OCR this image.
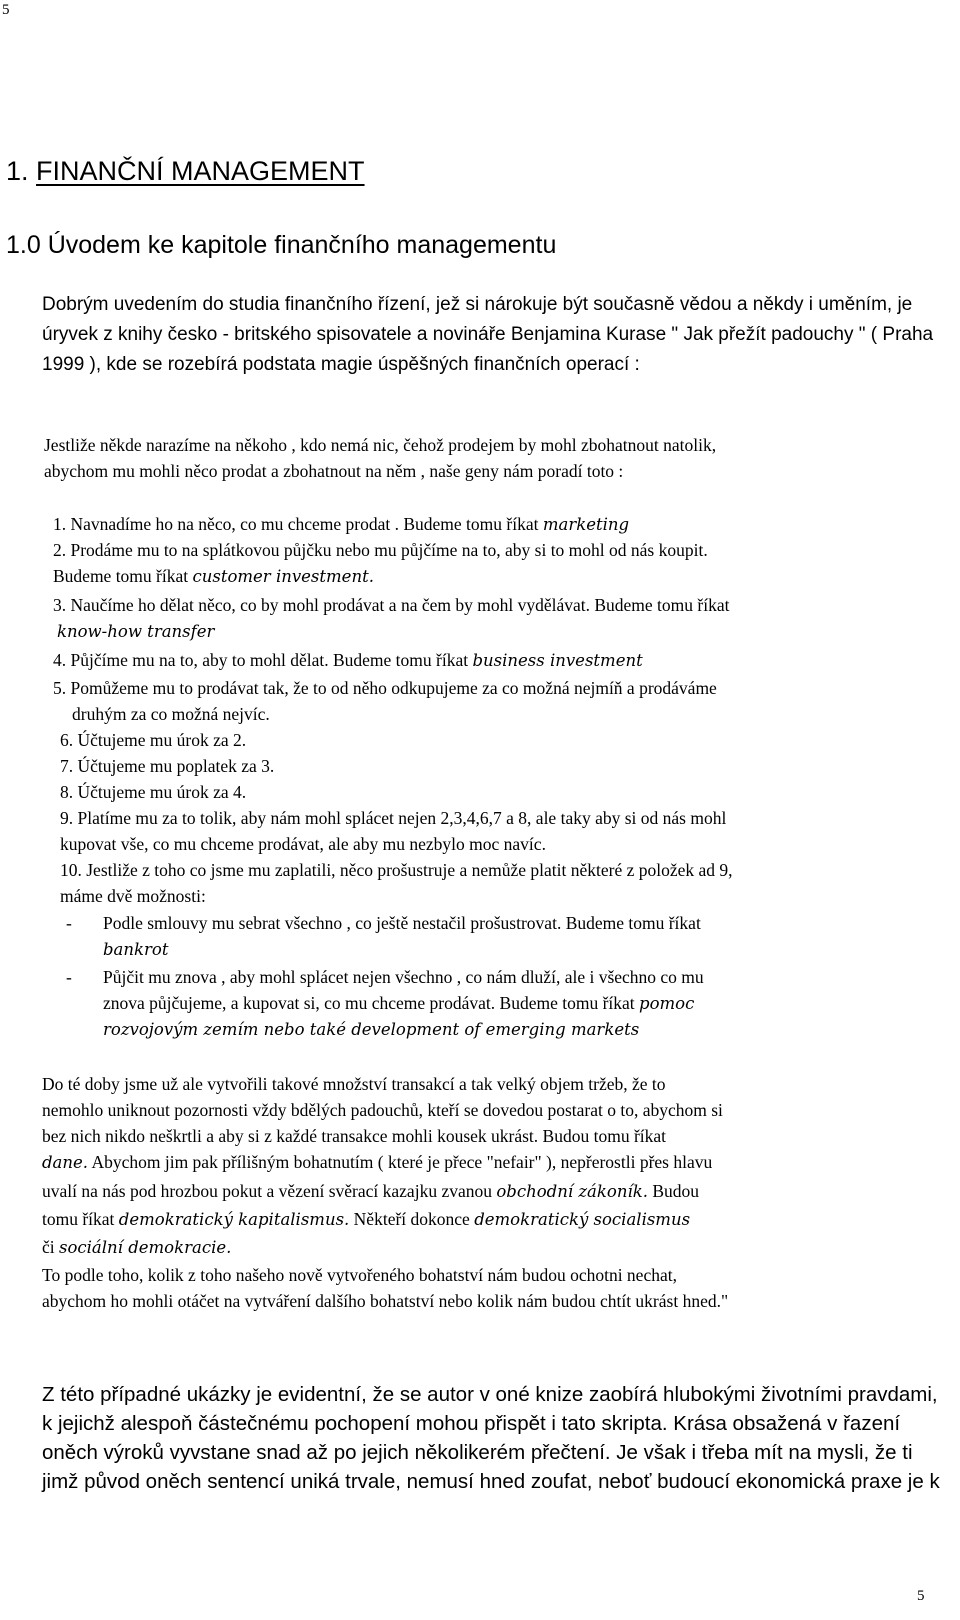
5
1. FINANČNÍ MANAGEMENT
1.0 Úvodem ke kapitole finančního managementu

Dobrým uvedením do studia finančního řízení, jež si nárokuje být současně vědou a někdy i uměním, je úryvek z knihy česko - britského spisovatele a novináře Benjamina Kurase " Jak přežít padouchy " ( Praha 1999 ), kde se rozebírá podstata magie úspěšných finančních operací :

Jestliže někde narazíme na někoho , kdo nemá nic, čehož prodejem by mohl zbohatnout natolik,
abychom mu mohli něco prodat a zbohatnout na něm , naše geny nám poradí toto :
1. Navnadíme ho na něco, co mu chceme prodat . Budeme tomu říkat marketing
2. Prodáme mu to na splátkovou půjčku nebo mu půjčíme na to, aby si to mohl od nás koupit.
Budeme tomu říkat customer investment.
3. Naučíme ho dělat něco, co by mohl prodávat a na čem by mohl vydělávat. Budeme tomu říkat
know-how transfer
4. Půjčíme mu na to, aby to mohl dělat. Budeme tomu říkat business investment
5. Pomůžeme mu to prodávat tak, že to od něho odkupujeme za co možná nejmíň a prodáváme
druhým za co možná nejvíc.
6. Účtujeme mu úrok za 2.
7. Účtujeme mu poplatek za 3.
8. Účtujeme mu úrok za 4.
9. Platíme mu za to tolik, aby nám mohl splácet nejen 2,3,4,6,7 a 8, ale taky aby si od nás mohl
kupovat vše, co mu chceme prodávat, ale aby mu nezbylo moc navíc.
10. Jestliže z toho co jsme mu zaplatili, něco prošustruje a nemůže platit některé z položek ad 9,
máme dvě možnosti:
- Podle smlouvy mu sebrat všechno , co ještě nestačil prošustrovat. Budeme tomu říkat
bankrot
- Půjčit mu znova , aby mohl splácet nejen všechno , co nám dluží, ale i všechno co mu
znova půjčujeme, a kupovat si, co mu chceme prodávat. Budeme tomu říkat pomoc
rozvojovým zemím nebo také development of emerging markets
Do té doby jsme už ale vytvořili takové množství transakcí a tak velký objem tržeb, že to
nemohlo uniknout pozornosti vždy bdělých padouchů, kteří se dovedou postarat o to, abychom si
bez nich nikdo neškrtli a aby si z každé transakce mohli kousek ukrást. Budou tomu říkat
dane. Abychom jim pak přílišným bohatnutím ( které je přece "nefair" ), nepřerostli přes hlavu
uvalí na nás pod hrozbou pokut a vězení svěrací kazajku zvanou obchodní zákoník. Budou
tomu říkat demokratický kapitalismus. Někteří dokonce demokratický socialismus
či sociální demokracie.
To podle toho, kolik z toho našeho nově vytvořeného bohatství nám budou ochotni nechat,
abychom ho mohli otáčet na vytváření dalšího bohatství nebo kolik nám budou chtít ukrást hned."

Z této případné ukázky je evidentní, že se autor v oné knize zaobírá hlubokými životními pravdami, k jejichž alespoň částečnému pochopení mohou přispět i tato skripta. Krása obsažená v řazení oněch výroků vyvstane snad až po jejich několikerém přečtení. Je však i třeba mít na mysli, že ti jimž původ oněch sentencí uniká trvale, nemusí hned zoufat, neboť budoucí ekonomická praxe je k

5
